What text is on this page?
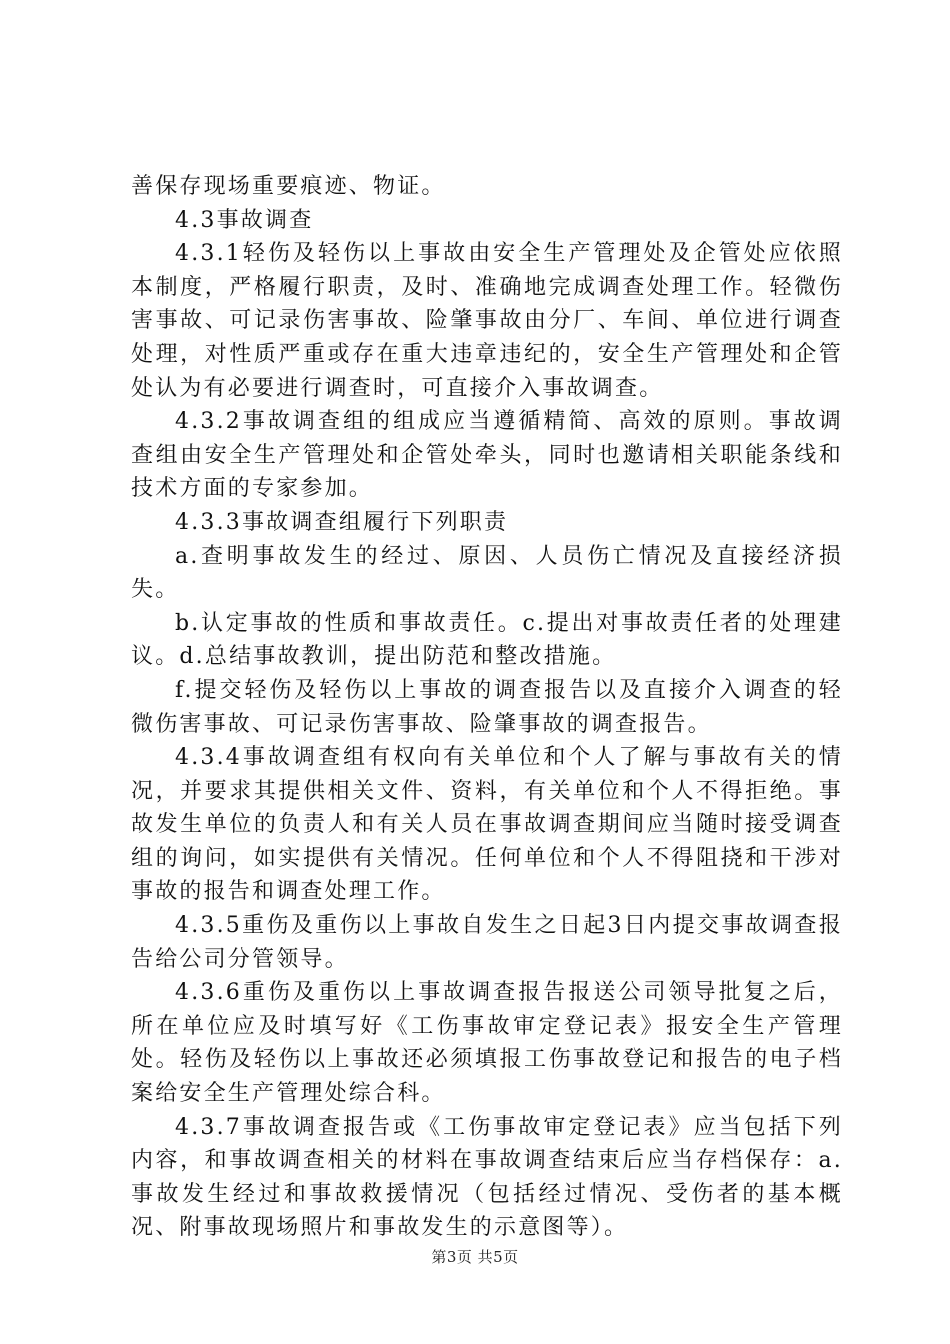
善保存现场重要痕迹、物证。

4.3事故调查

4.3.1轻伤及轻伤以上事故由安全生产管理处及企管处应依照本制度，严格履行职责，及时、准确地完成调查处理工作。轻微伤害事故、可记录伤害事故、险肇事故由分厂、车间、单位进行调查处理，对性质严重或存在重大违章违纪的，安全生产管理处和企管处认为有必要进行调查时，可直接介入事故调查。

4.3.2事故调查组的组成应当遵循精简、高效的原则。事故调查组由安全生产管理处和企管处牵头，同时也邀请相关职能条线和技术方面的专家参加。

4.3.3事故调查组履行下列职责

a.查明事故发生的经过、原因、人员伤亡情况及直接经济损失。

b.认定事故的性质和事故责任。c.提出对事故责任者的处理建议。d.总结事故教训，提出防范和整改措施。

f.提交轻伤及轻伤以上事故的调查报告以及直接介入调查的轻微伤害事故、可记录伤害事故、险肇事故的调查报告。

4.3.4事故调查组有权向有关单位和个人了解与事故有关的情况，并要求其提供相关文件、资料，有关单位和个人不得拒绝。事故发生单位的负责人和有关人员在事故调查期间应当随时接受调查组的询问，如实提供有关情况。任何单位和个人不得阻挠和干涉对事故的报告和调查处理工作。

4.3.5重伤及重伤以上事故自发生之日起3日内提交事故调查报告给公司分管领导。

4.3.6重伤及重伤以上事故调查报告报送公司领导批复之后，所在单位应及时填写好《工伤事故审定登记表》报安全生产管理处。轻伤及轻伤以上事故还必须填报工伤事故登记和报告的电子档案给安全生产管理处综合科。

4.3.7事故调查报告或《工伤事故审定登记表》应当包括下列内容，和事故调查相关的材料在事故调查结束后应当存档保存：a.事故发生经过和事故救援情况（包括经过情况、受伤者的基本概况、附事故现场照片和事故发生的示意图等）。

第3页 共5页
